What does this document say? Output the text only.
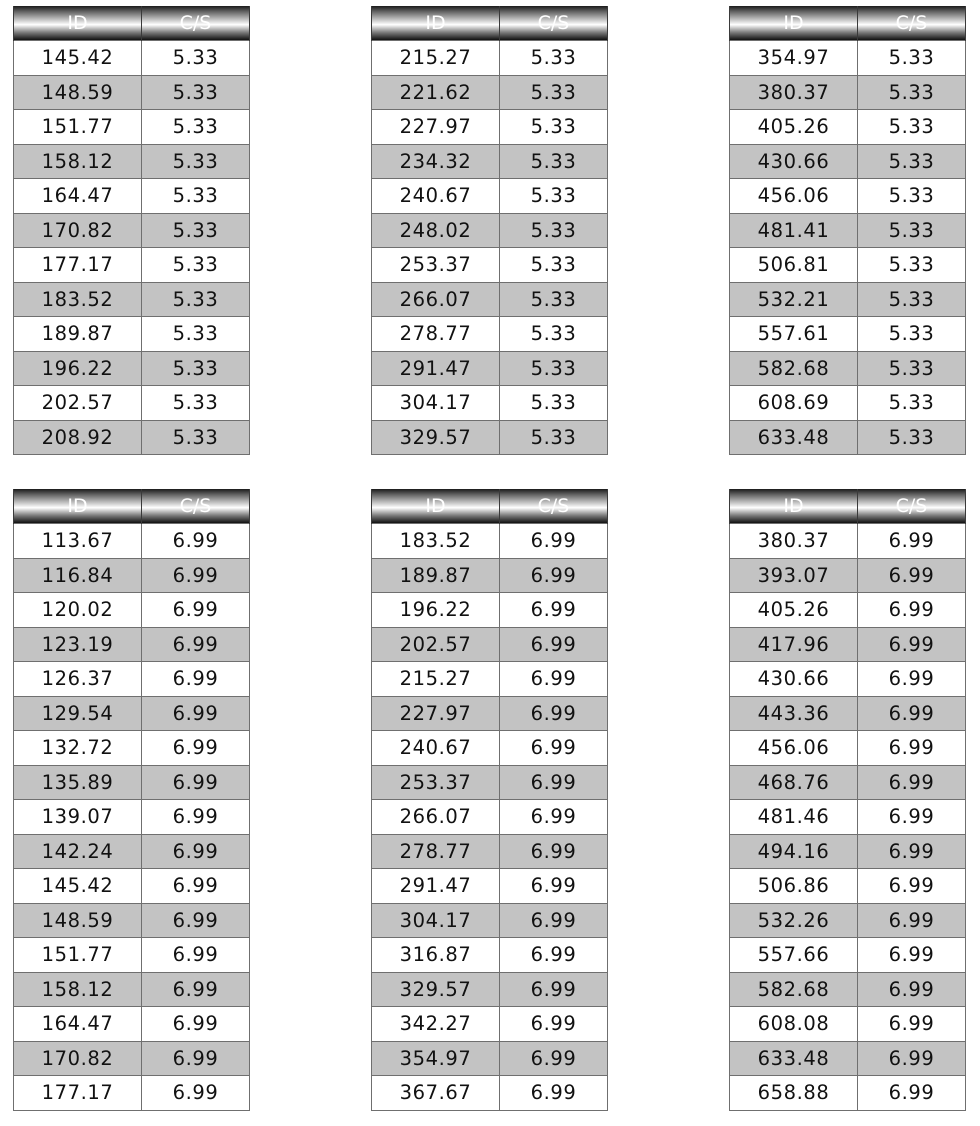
ID	C/S
145.42	5.33
148.59	5.33
151.77	5.33
158.12	5.33
164.47	5.33
170.82	5.33
177.17	5.33
183.52	5.33
189.87	5.33
196.22	5.33
202.57	5.33
208.92	5.33
ID	C/S
215.27	5.33
221.62	5.33
227.97	5.33
234.32	5.33
240.67	5.33
248.02	5.33
253.37	5.33
266.07	5.33
278.77	5.33
291.47	5.33
304.17	5.33
329.57	5.33
ID	C/S
354.97	5.33
380.37	5.33
405.26	5.33
430.66	5.33
456.06	5.33
481.41	5.33
506.81	5.33
532.21	5.33
557.61	5.33
582.68	5.33
608.69	5.33
633.48	5.33
ID	C/S
113.67	6.99
116.84	6.99
120.02	6.99
123.19	6.99
126.37	6.99
129.54	6.99
132.72	6.99
135.89	6.99
139.07	6.99
142.24	6.99
145.42	6.99
148.59	6.99
151.77	6.99
158.12	6.99
164.47	6.99
170.82	6.99
177.17	6.99
ID	C/S
183.52	6.99
189.87	6.99
196.22	6.99
202.57	6.99
215.27	6.99
227.97	6.99
240.67	6.99
253.37	6.99
266.07	6.99
278.77	6.99
291.47	6.99
304.17	6.99
316.87	6.99
329.57	6.99
342.27	6.99
354.97	6.99
367.67	6.99
ID	C/S
380.37	6.99
393.07	6.99
405.26	6.99
417.96	6.99
430.66	6.99
443.36	6.99
456.06	6.99
468.76	6.99
481.46	6.99
494.16	6.99
506.86	6.99
532.26	6.99
557.66	6.99
582.68	6.99
608.08	6.99
633.48	6.99
658.88	6.99
